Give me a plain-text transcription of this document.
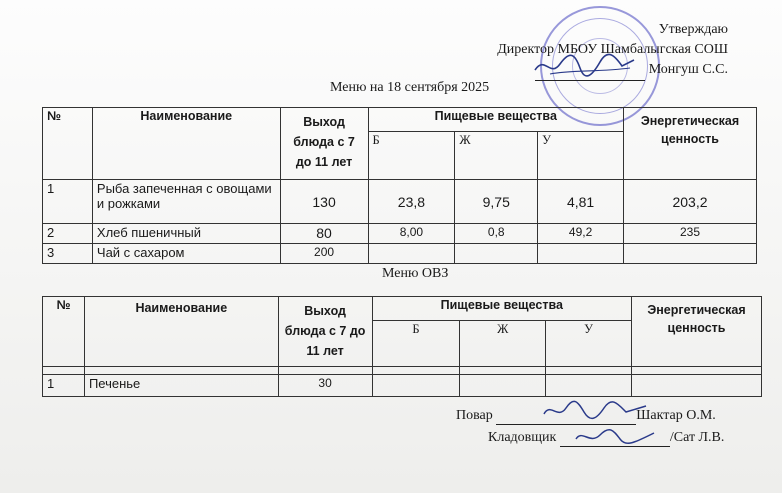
Утверждаю
Директор МБОУ Шамбалыгская СОШ
Монгуш С.С.
Меню на 18 сентября 2025
№	Наименование	Выход блюда с 7 до 11 лет	Пищевые вещества			Энергетическая ценность
			Б	Ж	У	
1	Рыба запеченная с овощами и рожками	130	23,8	9,75	4,81	203,2
2	Хлеб пшеничный	80	8,00	0,8	49,2	235
3	Чай с сахаром	200				
Меню ОВЗ
№	Наименование	Выход блюда с 7 до 11 лет	Пищевые вещества			Энергетическая ценность
			Б	Ж	У	

1	Печенье	30				
Повар	Шактар О.М.
Кладовщик	/Сат Л.В.
